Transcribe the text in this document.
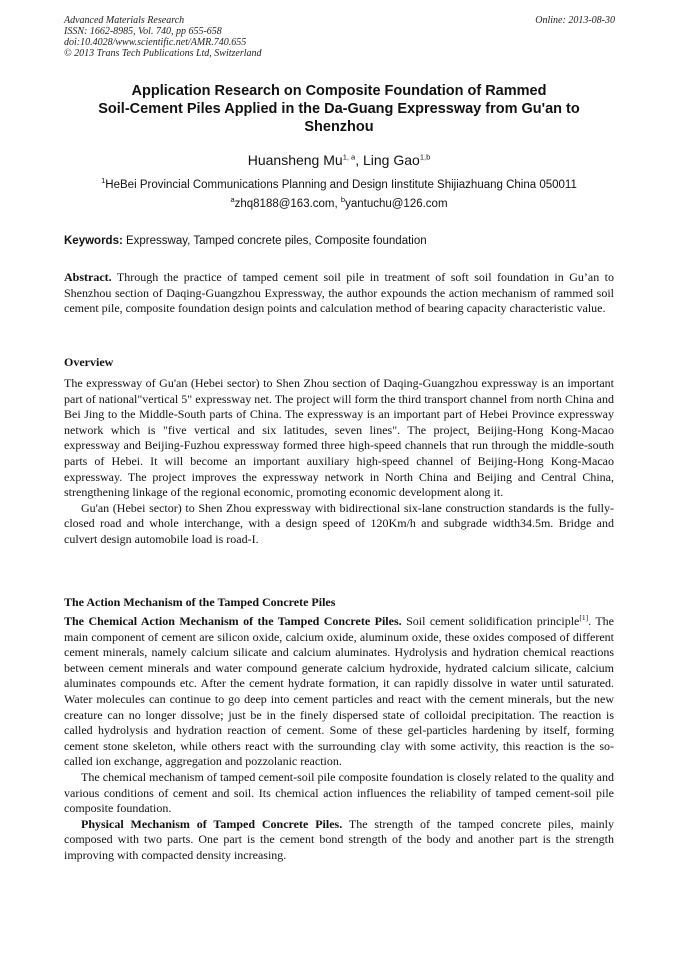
Advanced Materials Research
ISSN: 1662-8985, Vol. 740, pp 655-658
doi:10.4028/www.scientific.net/AMR.740.655
© 2013 Trans Tech Publications Ltd, Switzerland
Online: 2013-08-30
Application Research on Composite Foundation of Rammed
Soil-Cement Piles Applied in the Da-Guang Expressway from Gu'an to
Shenzhou
Huansheng Mu$^{1, a}$, Ling Gao$^{1,b}$
$^1$HeBei Provincial Communications Planning and Design Iinstitute Shijiazhuang China 050011
$^a$zhq8188@163.com, $^b$yantuchu@126.com
Keywords: Expressway, Tamped concrete piles, Composite foundation

Abstract. Through the practice of tamped cement soil pile in treatment of soft soil foundation in Gu’an to Shenzhou section of Daqing-Guangzhou Expressway, the author expounds the action mechanism of rammed soil cement pile, composite foundation design points and calculation method of bearing capacity characteristic value.

Overview

The expressway of Gu'an (Hebei sector) to Shen Zhou section of Daqing-Guangzhou expressway is an important part of national"vertical 5" expressway net. The project will form the third transport channel from north China and Bei Jing to the Middle-South parts of China. The expressway is an important part of Hebei Province expressway network which is "five vertical and six latitudes, seven lines". The project, Beijing-Hong Kong-Macao expressway and Beijing-Fuzhou expressway formed three high-speed channels that run through the middle-south parts of Hebei. It will become an important auxiliary high-speed channel of Beijing-Hong Kong-Macao expressway. The project improves the expressway network in North China and Beijing and Central China, strengthening linkage of the regional economic, promoting economic development along it.

Gu'an (Hebei sector) to Shen Zhou expressway with bidirectional six-lane construction standards is the fully-closed road and whole interchange, with a design speed of 120Km/h and subgrade width34.5m. Bridge and culvert design automobile load is road-I.

The Action Mechanism of the Tamped Concrete Piles

The Chemical Action Mechanism of the Tamped Concrete Piles. Soil cement solidification principle[1]. The main component of cement are silicon oxide, calcium oxide, aluminum oxide, these oxides composed of different cement minerals, namely calcium silicate and calcium aluminates. Hydrolysis and hydration chemical reactions between cement minerals and water compound generate calcium hydroxide, hydrated calcium silicate, calcium aluminates compounds etc. After the cement hydrate formation, it can rapidly dissolve in water until saturated. Water molecules can continue to go deep into cement particles and react with the cement minerals, but the new creature can no longer dissolve; just be in the finely dispersed state of colloidal precipitation. The reaction is called hydrolysis and hydration reaction of cement. Some of these gel-particles hardening by itself, forming cement stone skeleton, while others react with the surrounding clay with some activity, this reaction is the so-called ion exchange, aggregation and pozzolanic reaction.

The chemical mechanism of tamped cement-soil pile composite foundation is closely related to the quality and various conditions of cement and soil. Its chemical action influences the reliability of tamped cement-soil pile composite foundation.

Physical Mechanism of Tamped Concrete Piles. The strength of the tamped concrete piles, mainly composed with two parts. One part is the cement bond strength of the body and another part is the strength improving with compacted density increasing.
